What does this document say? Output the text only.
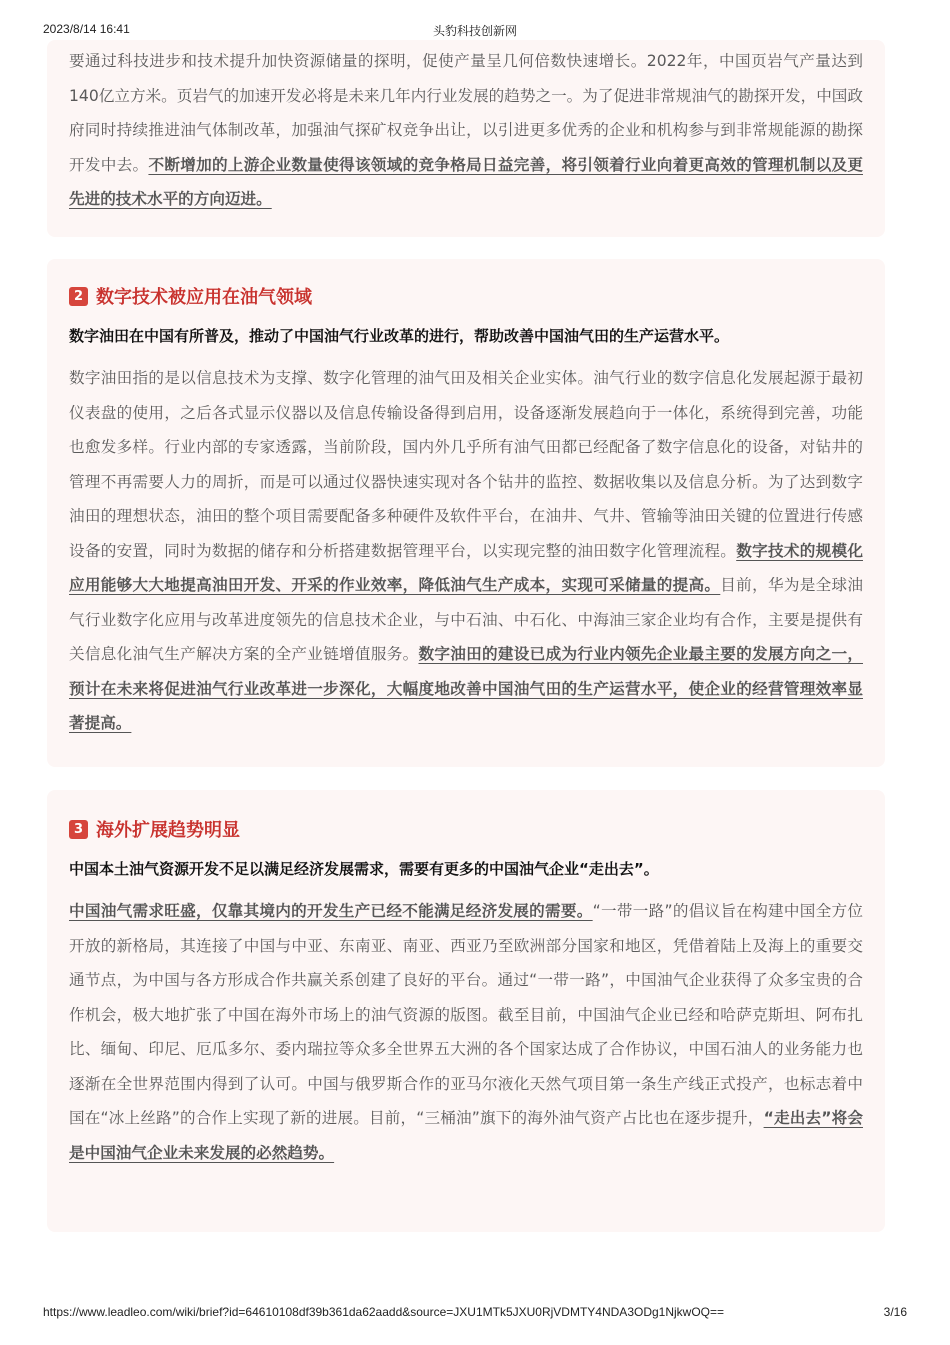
2023/8/14 16:41	头豹科技创新网

要通过科技进步和技术提升加快资源储量的探明，促使产量呈几何倍数快速增长。2022年，中国页岩气产量达到140亿立方米。页岩气的加速开发必将是未来几年内行业发展的趋势之一。为了促进非常规油气的勘探开发，中国政府同时持续推进油气体制改革，加强油气探矿权竞争出让，以引进更多优秀的企业和机构参与到非常规能源的勘探开发中去。不断增加的上游企业数量使得该领域的竞争格局日益完善，将引领着行业向着更高效的管理机制以及更先进的技术水平的方向迈进。

2 数字技术被应用在油气领域

数字油田在中国有所普及，推动了中国油气行业改革的进行，帮助改善中国油气田的生产运营水平。

数字油田指的是以信息技术为支撑、数字化管理的油气田及相关企业实体。油气行业的数字信息化发展起源于最初仪表盘的使用，之后各式显示仪器以及信息传输设备得到启用，设备逐渐发展趋向于一体化，系统得到完善，功能也愈发多样。行业内部的专家透露，当前阶段，国内外几乎所有油气田都已经配备了数字信息化的设备，对钻井的管理不再需要人力的周折，而是可以通过仪器快速实现对各个钻井的监控、数据收集以及信息分析。为了达到数字油田的理想状态，油田的整个项目需要配备多种硬件及软件平台，在油井、气井、管输等油田关键的位置进行传感设备的安置，同时为数据的储存和分析搭建数据管理平台，以实现完整的油田数字化管理流程。数字技术的规模化应用能够大大地提高油田开发、开采的作业效率，降低油气生产成本，实现可采储量的提高。目前，华为是全球油气行业数字化应用与改革进度领先的信息技术企业，与中石油、中石化、中海油三家企业均有合作，主要是提供有关信息化油气生产解决方案的全产业链增值服务。数字油田的建设已成为行业内领先企业最主要的发展方向之一，预计在未来将促进油气行业改革进一步深化，大幅度地改善中国油气田的生产运营水平，使企业的经营管理效率显著提高。

3 海外扩展趋势明显

中国本土油气资源开发不足以满足经济发展需求，需要有更多的中国油气企业“走出去”。

中国油气需求旺盛，仅靠其境内的开发生产已经不能满足经济发展的需要。“一带一路”的倡议旨在构建中国全方位开放的新格局，其连接了中国与中亚、东南亚、南亚、西亚乃至欧洲部分国家和地区，凭借着陆上及海上的重要交通节点，为中国与各方形成合作共赢关系创建了良好的平台。通过“一带一路”，中国油气企业获得了众多宝贵的合作机会，极大地扩张了中国在海外市场上的油气资源的版图。截至目前，中国油气企业已经和哈萨克斯坦、阿布扎比、缅甸、印尼、厄瓜多尔、委内瑞拉等众多全世界五大洲的各个国家达成了合作协议，中国石油人的业务能力也逐渐在全世界范围内得到了认可。中国与俄罗斯合作的亚马尔液化天然气项目第一条生产线正式投产，也标志着中国在“冰上丝路”的合作上实现了新的进展。目前，“三桶油”旗下的海外油气资产占比也在逐步提升，“走出去”将会是中国油气企业未来发展的必然趋势。

https://www.leadleo.com/wiki/brief?id=64610108df39b361da62aadd&source=JXU1MTk5JXU0RjVDMTY4NDA3ODg1NjkwOQ==	3/16
